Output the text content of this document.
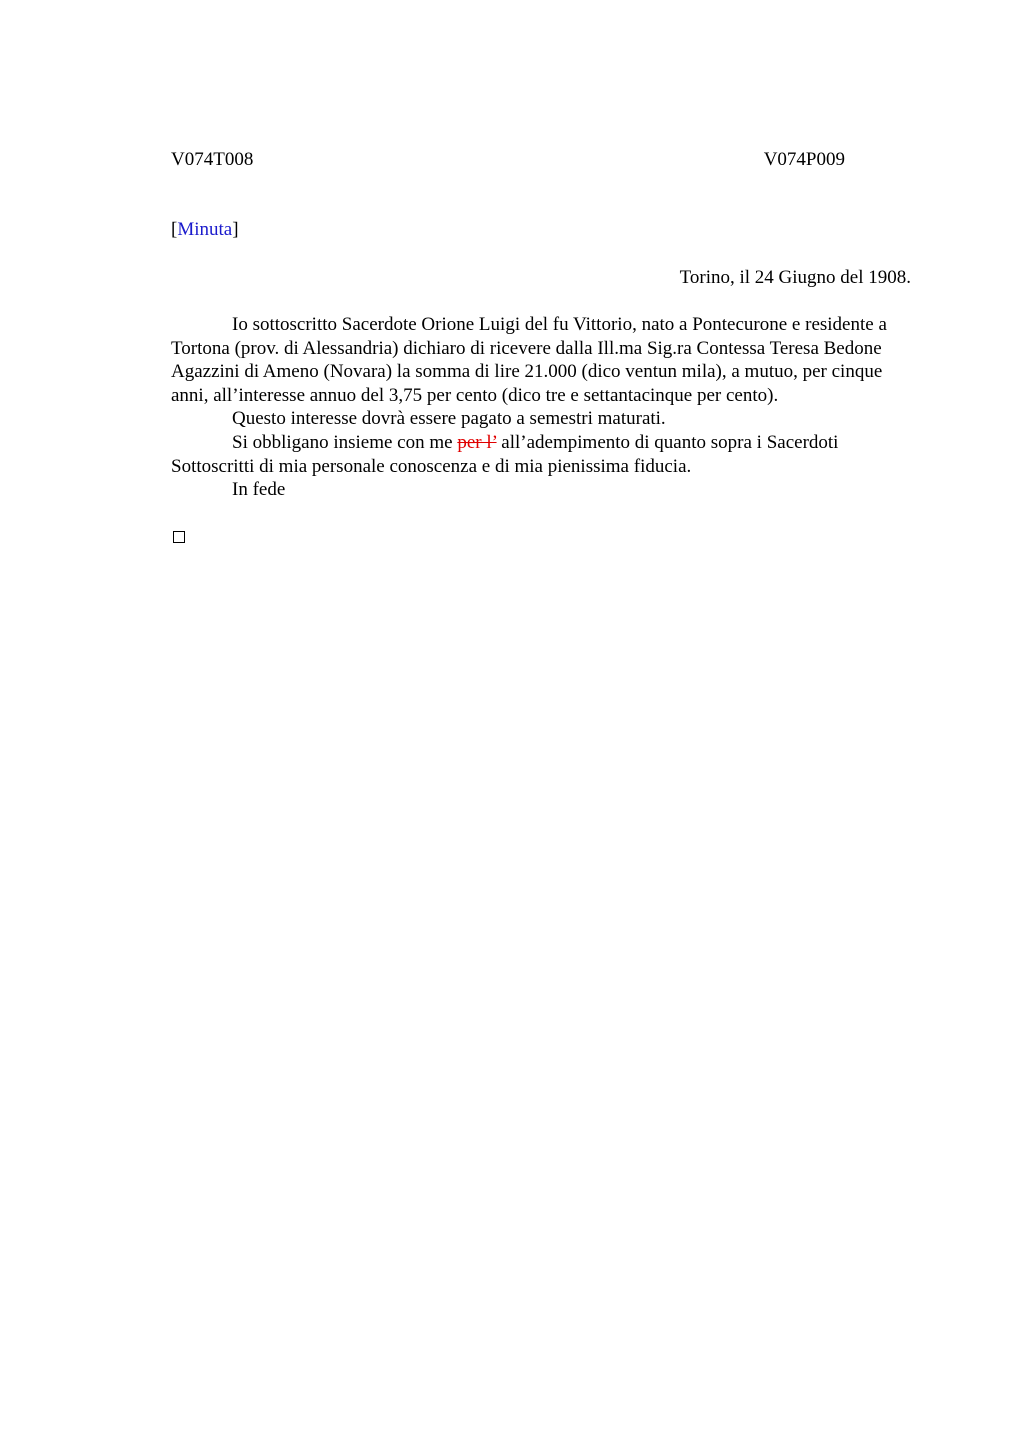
V074T008	V074P009
[Minuta]
Torino, il 24 Giugno del 1908.

Io sottoscritto Sacerdote Orione Luigi del fu Vittorio, nato a Pontecurone e residente a Tortona (prov. di Alessandria) dichiaro di ricevere dalla Ill.ma Sig.ra Contessa Teresa Bedone Agazzini di Ameno (Novara) la somma di lire 21.000 (dico ventun mila), a mutuo, per cinque anni, all’interesse annuo del 3,75 per cento (dico tre e settantacinque per cento).

Questo interesse dovrà essere pagato a semestri maturati.

Si obbligano insieme con me per l’ all’adempimento di quanto sopra i Sacerdoti Sottoscritti di mia personale conoscenza e di mia pienissima fiducia.

In fede
